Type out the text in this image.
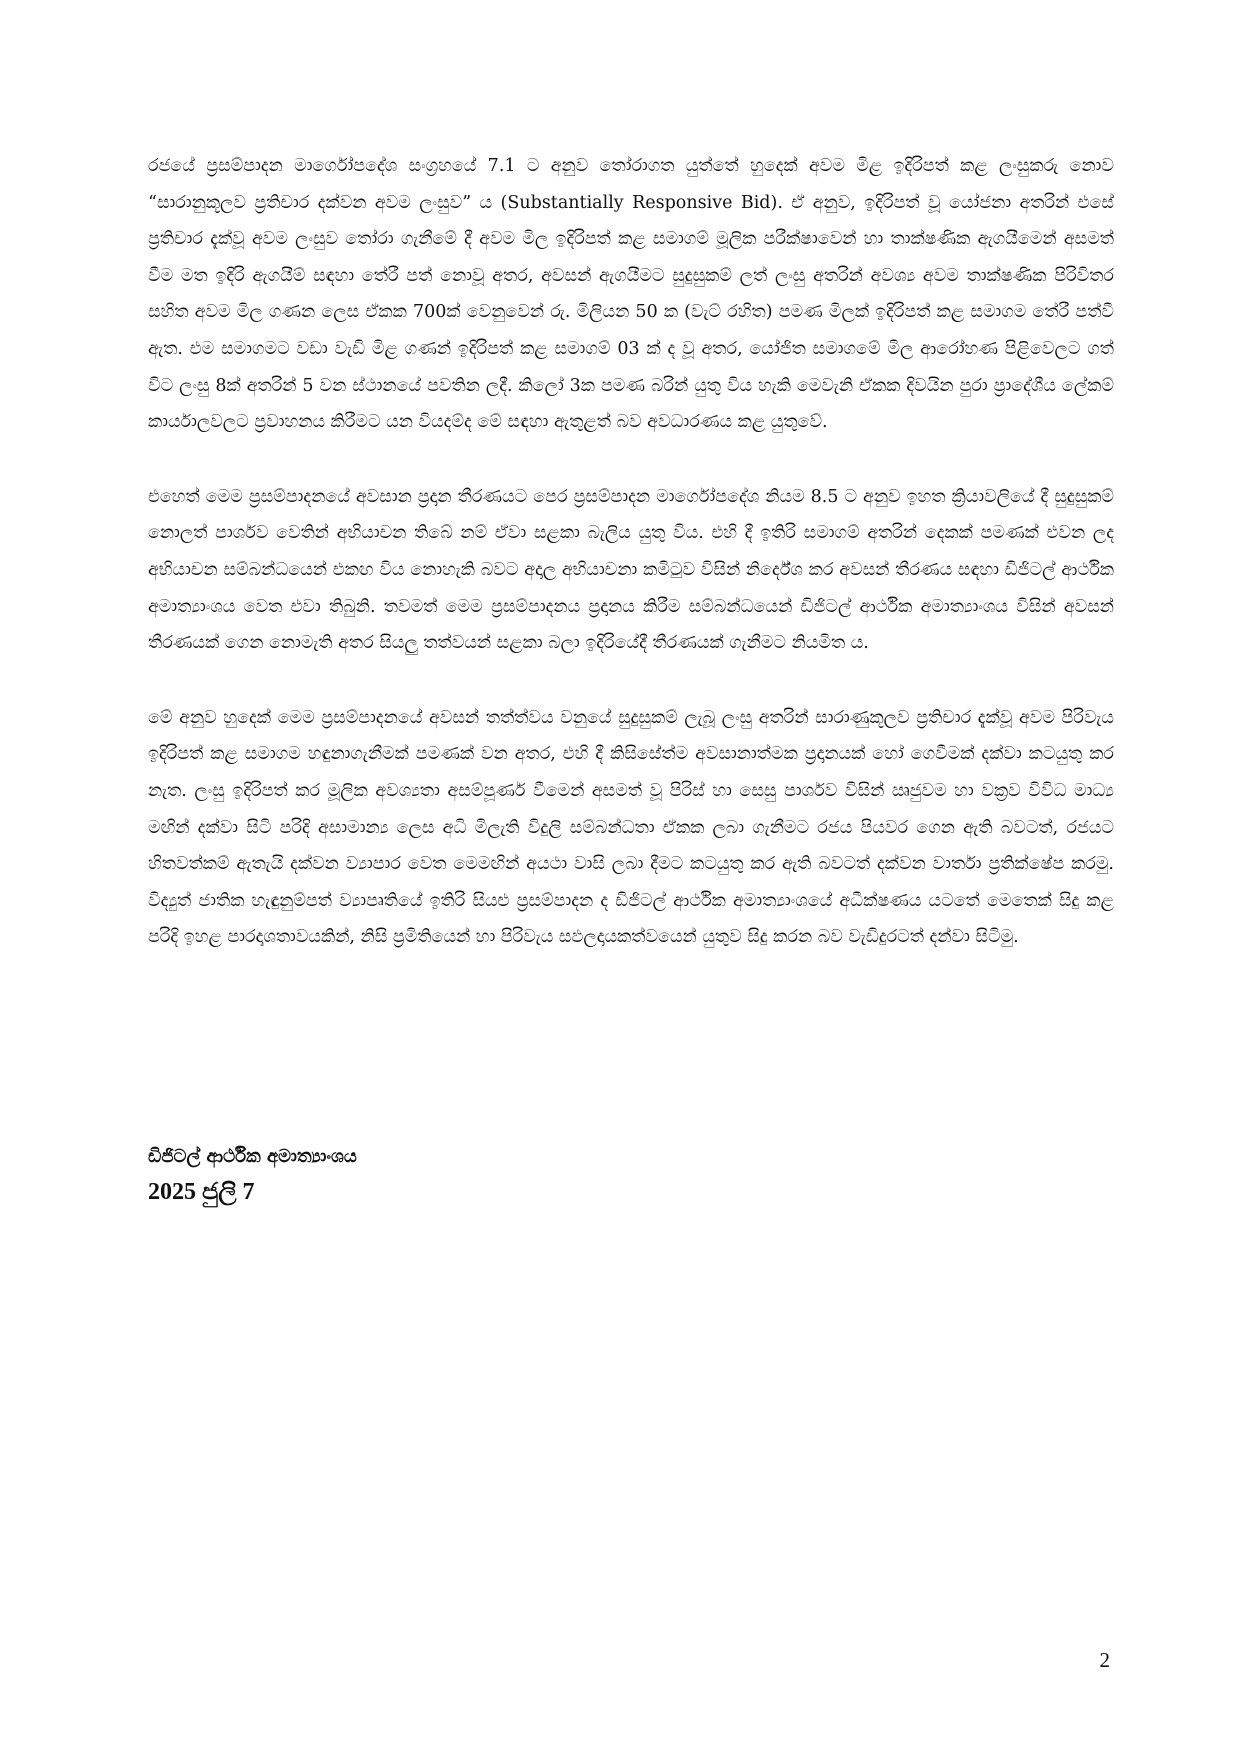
රජයේ ප්‍රසම්පාදන මාර්ගෝපදේශ සංග්‍රහයේ 7.1 ට අනුව තෝරාගත යුත්තේ හුදෙක් අවම මිළ ඉදිරිපත් කළ ලංසුකරු නොව “සාරානුකූලව ප්‍රතිචාර දක්වන අවම ලංසුව” ය (Substantially Responsive Bid). ඒ අනුව, ඉදිරිපත් වූ යෝජනා අතරින් එසේ ප්‍රතිචාර දැක්වූ අවම ලංසුව තෝරා ගැනීමේ දී අවම මිල ඉදිරිපත් කළ සමාගම් මූලික පරීක්ෂාවෙන් හා තාක්ෂණික ඇගයීමෙන් අසමත් වීම මත ඉදිරි ඇගයීම් සඳහා තේරී පත් නොවූ අතර, අවසන් ඇගයීමට සුදුසුකම් ලත් ලංසු අතරින් අවශ්‍ය අවම තාක්ෂණික පිරිවිතර සහිත අවම මිල ගණන ලෙස ඒකක 700ක් වෙනුවෙන් රු. මිලියන 50 ක (වැට් රහිත) පමණ මිලක් ඉදිරිපත් කළ සමාගම තේරී පත්වී ඇත. එම සමාගමට වඩා වැඩි මිළ ගණන් ඉදිරිපත් කළ සමාගම් 03 ක් ද වූ අතර, යෝජිත සමාගමේ මිල ආරෝහණ පිළිවෙලට ගත් විට ලංසු 8ක් අතරින් 5 වන ස්ථානයේ පවතින ලදී. කිලෝ 3ක පමණ බරින් යුතු විය හැකි මෙවැනි ඒකක දිවයින පුරා ප්‍රාදේශීය ලේකම් කාර්යාලවලට ප්‍රවාහනය කිරීමට යන වියදම්ද මේ සඳහා ඇතුළත් බව අවධාරණය කළ යුතුවේ.

එහෙත් මෙම ප්‍රසම්පාදනයේ අවසාන ප්‍රදාන තීරණයට පෙර ප්‍රසම්පාදන මාර්ගෝපදේශ නියම 8.5 ට අනුව ඉහත ක්‍රියාවලියේ දී සුදුසුකම් නොලත් පාර්ශව වෙතින් අභියාචන තිබේ නම් ඒවා සළකා බැලිය යුතු විය. එහි දී ඉතිරි සමාගම් අතරින් දෙකක් පමණක් එවන ලද අභියාචන සම්බන්ධයෙන් එකඟ විය නොහැකි බවට අදාල අභියාචනා කමිටුව විසින් නිර්දේශ කර අවසන් තීරණය සඳහා ඩිජිටල් ආර්ථික අමාත්‍යාංශය වෙත එවා තිබුනි. තවමත් මෙම ප්‍රසම්පාදනය ප්‍රදානය කිරීම සම්බන්ධයෙන් ඩිජිටල් ආර්ථික අමාත්‍යාංශය විසින් අවසන් තීරණයක් ගෙන නොමැති අතර සියලු තත්වයන් සළකා බලා ඉදිරියේදී තීරණයක් ගැනීමට නියමිත ය.

මේ අනුව හුදෙක් මෙම ප්‍රසම්පාදනයේ අවසන් තත්ත්වය වනුයේ සුදුසුකම් ලැබූ ලංසු අතරින් සාරාණුකූලව ප්‍රතිචාර දැක්වූ අවම පිරිවැය ඉදිරිපත් කළ සමාගම හඳුනාගැනීමක් පමණක් වන අතර, එහි දී කිසිසේත්ම අවසානාත්මක ප්‍රදානයක් හෝ ගෙවීමක් දක්වා කටයුතු කර නැත. ලංසු ඉදිරිපත් කර මූලික අවශ්‍යතා අසම්පූර්ණ වීමෙන් අසමත් වූ පිරිස් හා සෙසු පාර්ශව විසින් ඍජුවම හා වක්‍රව විවිධ මාධ්‍ය මඟින් දක්වා සිටි පරිදි අසාමාන්‍ය ලෙස අධි මිලැති විදුලි සම්බන්ධතා ඒකක ලබා ගැනීමට රජය පියවර ගෙන ඇති බවටත්, රජයට හිතවත්කම් ඇතැයි දක්වන ව්‍යාපාර වෙත මෙමඟින් අයථා වාසි ලබා දීමට කටයුතු කර ඇති බවටත් දක්වන වාර්තා ප්‍රතික්ෂේප කරමු. විද්‍යුත් ජාතික හැඳුනුම්පත් ව්‍යාපෘතියේ ඉතිරි සියළු ප්‍රසම්පාදන ද ඩිජිටල් ආර්ථික අමාත්‍යාංශයේ අධීක්ෂණය යටතේ මෙතෙක් සිදු කළ පරිදි ඉහළ පාරදෘශතාවයකින්, නිසි ප්‍රමිතියෙන් හා පිරිවැය සඵලදායකත්වයෙන් යුතුව සිදු කරන බව වැඩිදුරටත් දන්වා සිටිමු.

ඩිජිටල් ආර්ථික අමාත්‍යාංශය
2025 ජුලි 7
2
